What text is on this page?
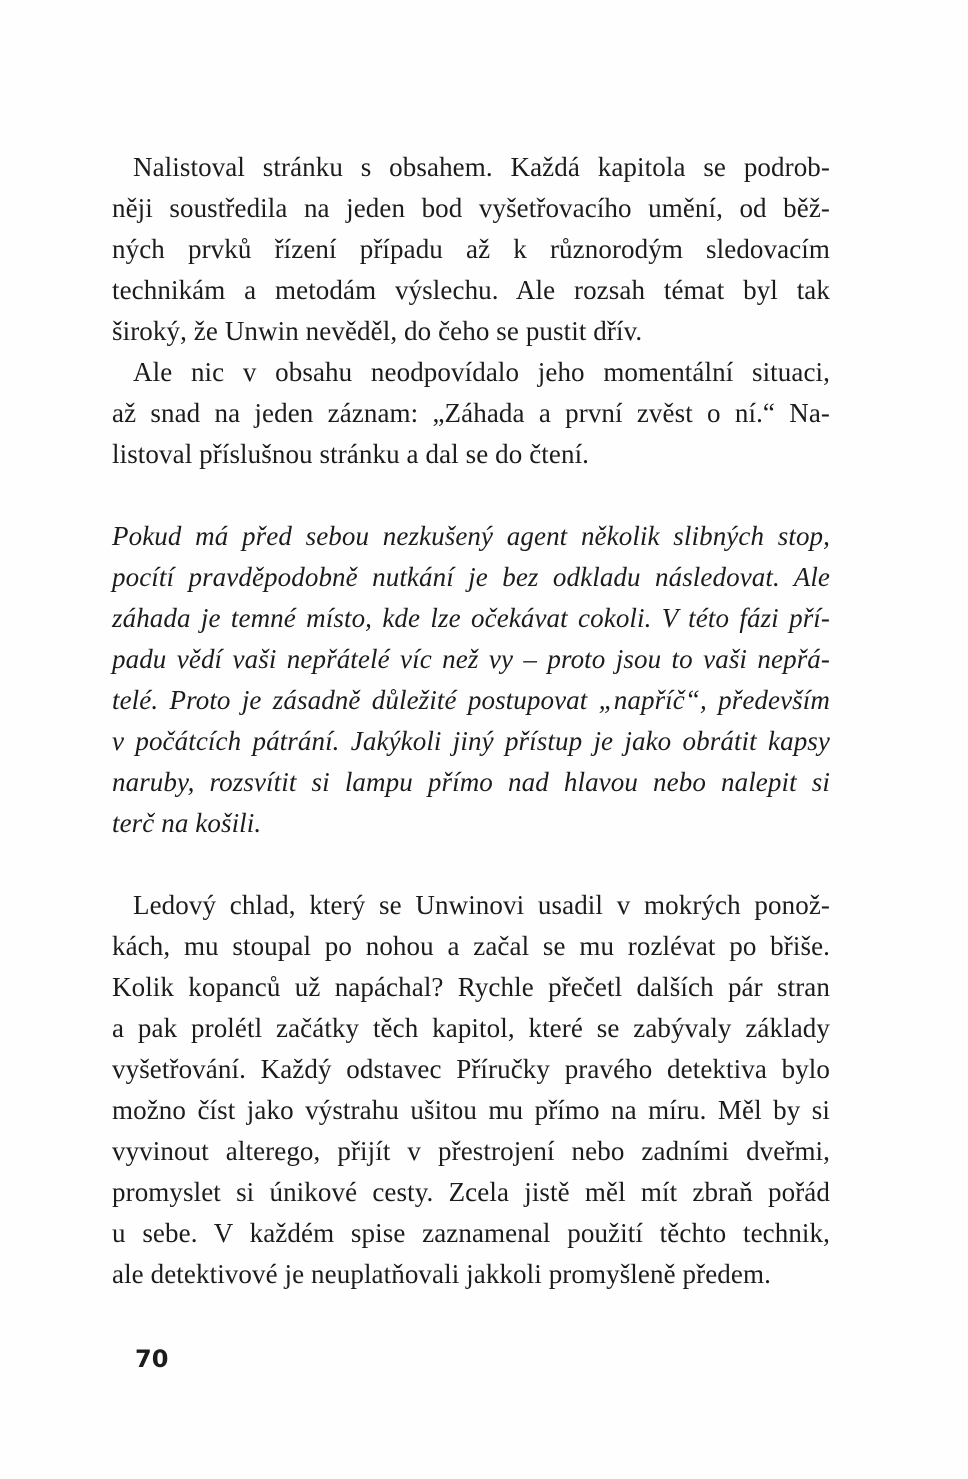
Nalistoval stránku s obsahem. Každá kapitola se podrob-
něji soustředila na jeden bod vyšetřovacího umění, od běž-
ných prvků řízení případu až k různorodým sledovacím
technikám a metodám výslechu. Ale rozsah témat byl tak
široký, že Unwin nevěděl, do čeho se pustit dřív.
Ale nic v obsahu neodpovídalo jeho momentální situaci,
až snad na jeden záznam: „Záhada a první zvěst o ní.“ Na-
listoval příslušnou stránku a dal se do čtení.
Pokud má před sebou nezkušený agent několik slibných stop,
pocítí pravděpodobně nutkání je bez odkladu následovat. Ale
záhada je temné místo, kde lze očekávat cokoli. V této fázi pří-
padu vědí vaši nepřátelé víc než vy – proto jsou to vaši nepřá-
telé. Proto je zásadně důležité postupovat „napříč“, především
v počátcích pátrání. Jakýkoli jiný přístup je jako obrátit kapsy
naruby, rozsvítit si lampu přímo nad hlavou nebo nalepit si
terč na košili.
Ledový chlad, který se Unwinovi usadil v mokrých ponož-
kách, mu stoupal po nohou a začal se mu rozlévat po břiše.
Kolik kopanců už napáchal? Rychle přečetl dalších pár stran
a pak prolétl začátky těch kapitol, které se zabývaly základy
vyšetřování. Každý odstavec Příručky pravého detektiva bylo
možno číst jako výstrahu ušitou mu přímo na míru. Měl by si
vyvinout alterego, přijít v přestrojení nebo zadními dveřmi,
promyslet si únikové cesty. Zcela jistě měl mít zbraň pořád
u sebe. V každém spise zaznamenal použití těchto technik,
ale detektivové je neuplatňovali jakkoli promyšleně předem.
70
